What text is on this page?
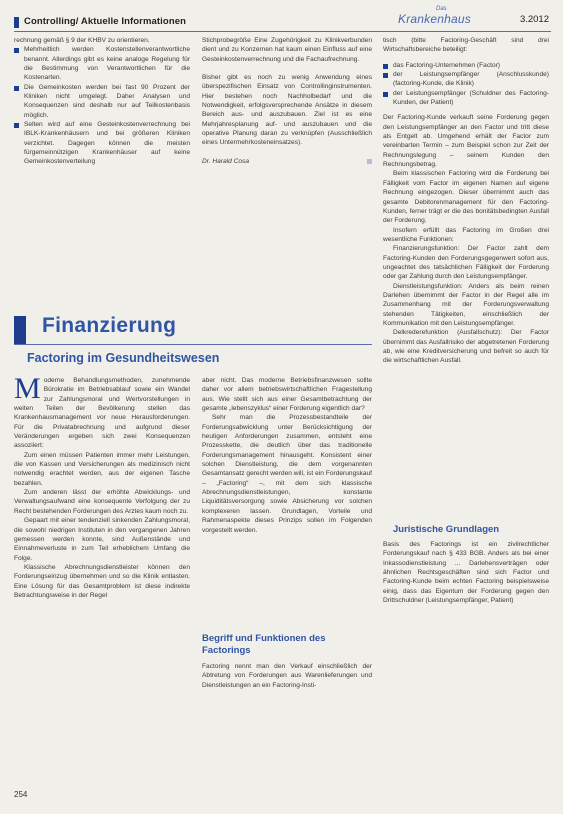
Controlling/ Aktuelle Informationen
Das
Krankenhaus	3.2012

rechnung gemäß § 9 der KHBV zu orientieren.

Mehrheitlich werden Kostenstellenverantwortliche benannt. Allerdings gibt es keine analoge Regelung für die Bestimmung von Verantwortlichen für die Kostenarten.

Die Gemeinkosten werden bei fast 90 Prozent der Kliniken nicht umgelegt. Daher Analysen und Konsequenzen sind deshalb nur auf Teilkostenbasis möglich.

Selten wird auf eine Gesteinkostenverrechnung bei IBLK-Krankenhäusern und bei größeren Kliniken verzichtet. Dagegen können die meisten fürgemeinnützigen Krankenhäuser auf keine Gemeinkostenverteilung

Stichprobegröße Eine Zugehörigkeit zu Klinikverbunden dient und zu Konzernen hat kaum einen Einfluss auf eine Gesteinkostenverrechnung und die Fachaufrechnung.

Bisher gibt es noch zu wenig Anwendung eines überspezifischen Einsatz von Controllinginstrumenten. Hier bestehen noch Nachholbedarf und die Notwendigkeit, erfolgsversprechende Ansätze in diesem Bereich aus- und auszubauen. Ziel ist es eine Mehrjahresplanung auf- und auszubauen und die operative Planung daran zu verknüpfen (Ausschließlich eines Untermehrkosteneinsatzes).

Dr. Harald Cosa

tisch (bitte Factoring-Geschäft sind drei Wirtschaftsbereiche beteiligt:

das Factoring-Unternehmen (Factor)

der Leistungsempfänger (Anschlusskunde) (factoring-Kunde, die Klinik)

der Leistungsempfänger (Schuldner des Factoring-Kunden, der Patient)

Der Factoring-Kunde verkauft seine Forderung gegen den Leistungsempfänger an den Factor und tritt diese als Entgelt ab. Umgehend erhält der Factor zum vereinbarten Termin – zum Beispiel schon zur Zeit der Rechnungslegung – seinem Kunden den Rechnungsbetrag.

Beim klassischen Factoring wird die Forderung bei Fälligkeit vom Factor im eigenen Namen auf eigene Rechnung eingezogen. Dieser übernimmt auch das gesamte Debitorenmanagement für den Factoring-Kunden, ferner trägt er die des bonitätsbedingten Ausfall der Forderung.

Insofern erfüllt das Factoring im Großen drei wesentliche Funktionen:

Finanzierungsfunktion: Der Factor zahlt dem Factoring-Kunden den Forderungsgegenwert sofort aus, ungeachtet des tatsächlichen Fälligkeit der Forderung oder gar Zahlung durch den Leistungsempfänger.

Dienstleistungsfunktion: Anders als beim reinen Darlehen übernimmt der Factor in der Regel alle im Zusammenhang mit der Forderungsverwaltung stehenden Tätigkeiten, einschließlich der Kommunikation mit den Leistungsempfänger.

Delkrederefunktion (Ausfallschutz): Der Factor übernimmt das Ausfallrisiko der abgetretenen Forderung ab, wie eine Kreditversicherung und befreit so auch für die wirtschaftlichen Ausfall.

Juristische Grundlagen

Basis des Factorings ist ein zivilrechtlicher Forderungskauf nach § 433 BGB. Anders als bei einer Inkassodienstleistung ... Darlehensverträgen oder ähnlichen Rechtsgeschäften sind sich Factor und Factoring-Kunde beim echten Factoring beispielsweise einig, dass das Eigentum der Forderung gegen den Drittschuldner (Leistungsempfänger, Patient)

Finanzierung
Factoring im Gesundheitswesen

Moderne Behandlungsmethoden, zunehmende Bürokratie im Betriebsablauf sowie ein Wandel zur Zahlungsmoral und Wertvorstellungen in weiten Teilen der Bevölkerung stellen das Krankenhausmanagement vor neue Herausforderungen. Für die Privatabrechnung und aufgrund dieser Veränderungen ergeben sich zwei Konsequenzen assoziiert:

Zum einen müssen Patienten immer mehr Leistungen, die von Kassen und Versicherungen als medizinisch nicht notwendig erachtet werden, aus der eigenen Tasche bezahlen.

Zum anderen lässt der erhöhte Abwicklungs- und Verwaltungsaufwand eine konsequente Verfolgung der zu Recht bestehenden Forderungen des Arztes kaum noch zu.

Gepaart mit einer tendenziell sinkenden Zahlungsmoral, die sowohl niedrigen Instituten in den vergangenen Jahren gemessen werden konnte, sind Außenstände und Einnahmeverluste in zum Teil erheblichem Umfang die Folge.

Klassische Abrechnungsdienstleister können den Forderungseinzug übernehmen und so die Klinik entlasten. Eine Lösung für das Gesamtproblem ist diese indirekte Betrachtungsweise in der Regel

aber nicht. Das moderne Betriebsfinanzwesen sollte daher vor allem betriebswirtschaftlichen Fragestellung aus. Wie stellt sich aus einer Gesamtbetrachtung der gesamte „lebenszyklus“ einer Forderung eigentlich dar?

Sehr man die Prozessbestandteile der Forderungsabwicklung unter Berücksichtigung der heutigen Anforderungen zusammen, entsteht eine Prozesskette, die deutlich über das traditionelle Forderungsmanagement hinausgeht. Konsistent einer solchen Dienstleistung, die dem vorgenannten Gesamtansatz gerecht werden will, ist ein Forderungskauf – „Factoring“ –, mit dem sich klassische Abrechnungsdienstleistungen, konstante Liquiditätsversorgung sowie Absicherung vor solchen komplexeren lassen. Grundlagen, Vorteile und Rahmenaspekte dieses Prinzips sollen im Folgenden vorgestellt werden.

Begriff und Funktionen des Factorings

Factoring nennt man den Verkauf einschließlich der Abtretung von Forderungen aus Warenlieferungen und Dienstleistungen an ein Factoring-Insti-

254
